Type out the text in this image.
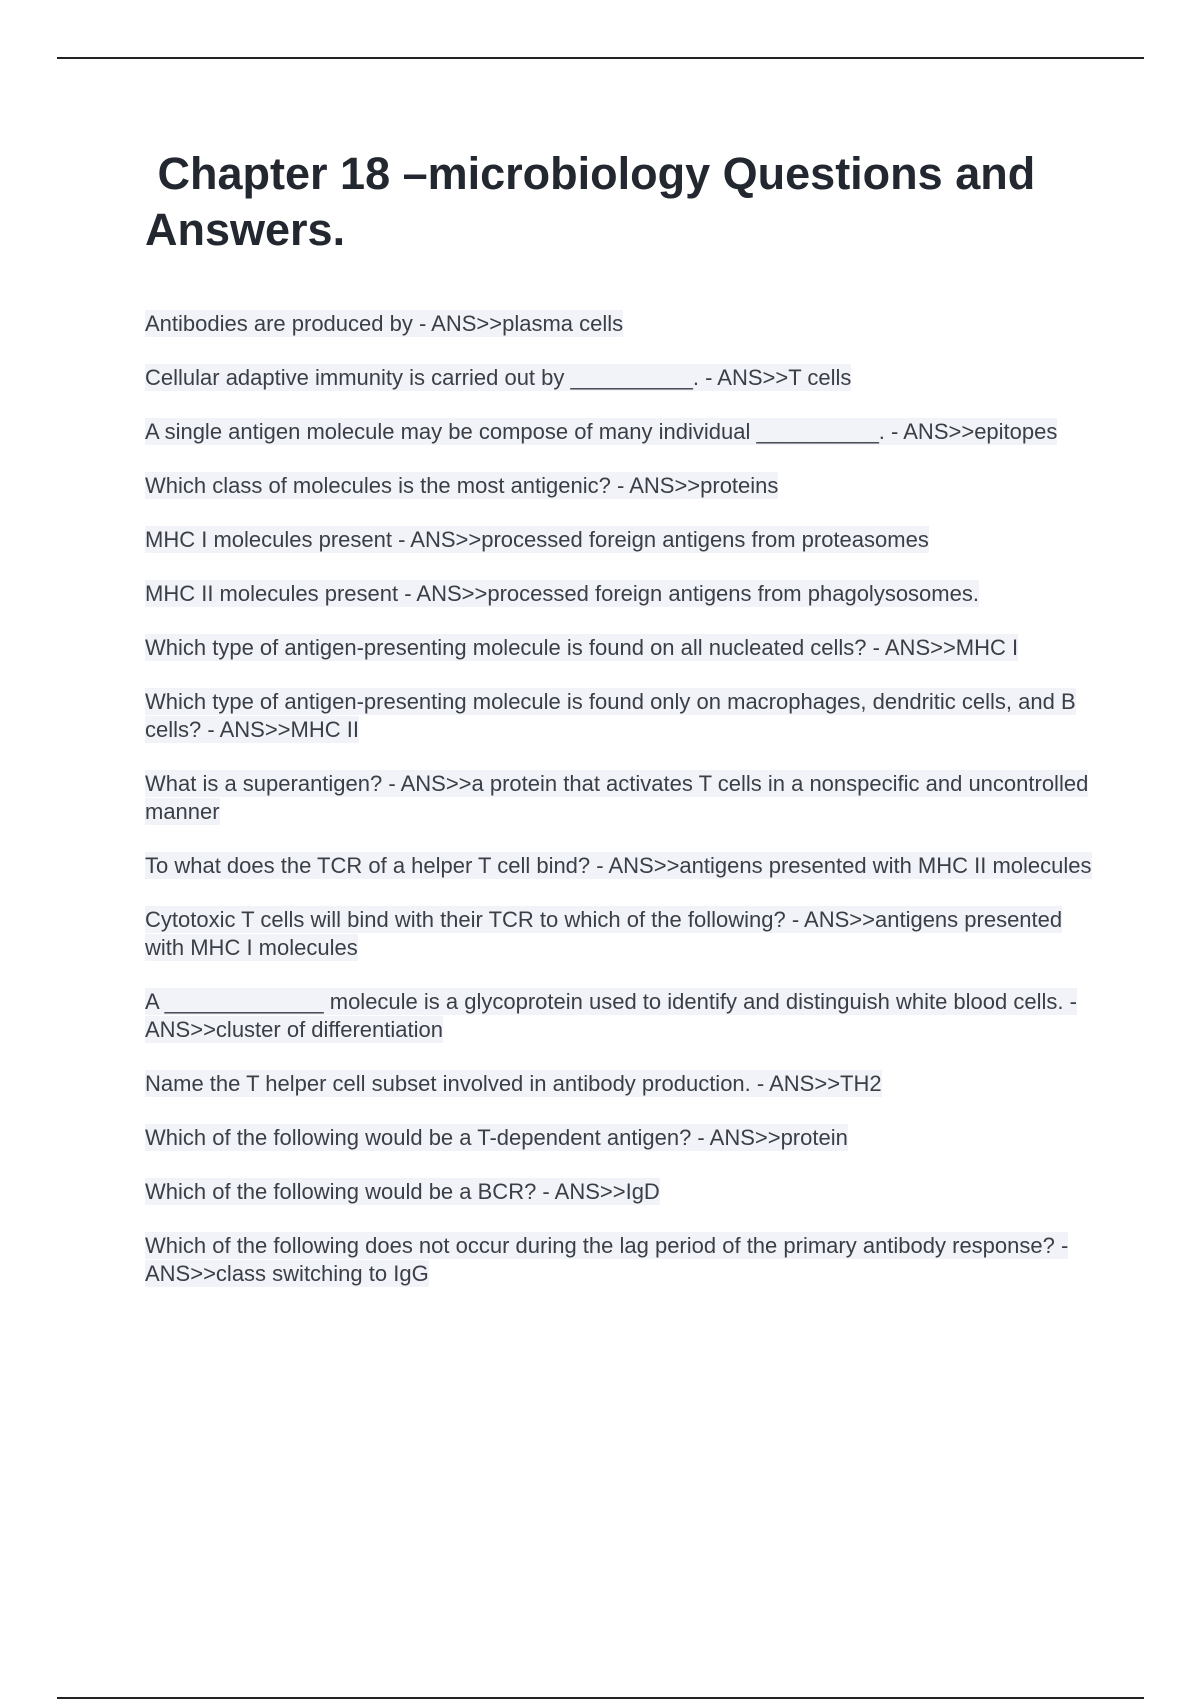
Chapter 18 –microbiology Questions and Answers.

Antibodies are produced by - ANS>>plasma cells

Cellular adaptive immunity is carried out by __________. - ANS>>T cells

A single antigen molecule may be compose of many individual __________. - ANS>>epitopes

Which class of molecules is the most antigenic? - ANS>>proteins

MHC I molecules present - ANS>>processed foreign antigens from proteasomes

MHC II molecules present - ANS>>processed foreign antigens from phagolysosomes.

Which type of antigen-presenting molecule is found on all nucleated cells? - ANS>>MHC I

Which type of antigen-presenting molecule is found only on macrophages, dendritic cells, and B cells? - ANS>>MHC II

What is a superantigen? - ANS>>a protein that activates T cells in a nonspecific and uncontrolled manner

To what does the TCR of a helper T cell bind? - ANS>>antigens presented with MHC II molecules

Cytotoxic T cells will bind with their TCR to which of the following? - ANS>>antigens presented with MHC I molecules

A _____________ molecule is a glycoprotein used to identify and distinguish white blood cells. - ANS>>cluster of differentiation

Name the T helper cell subset involved in antibody production. - ANS>>TH2

Which of the following would be a T-dependent antigen? - ANS>>protein

Which of the following would be a BCR? - ANS>>IgD

Which of the following does not occur during the lag period of the primary antibody response? - ANS>>class switching to IgG
